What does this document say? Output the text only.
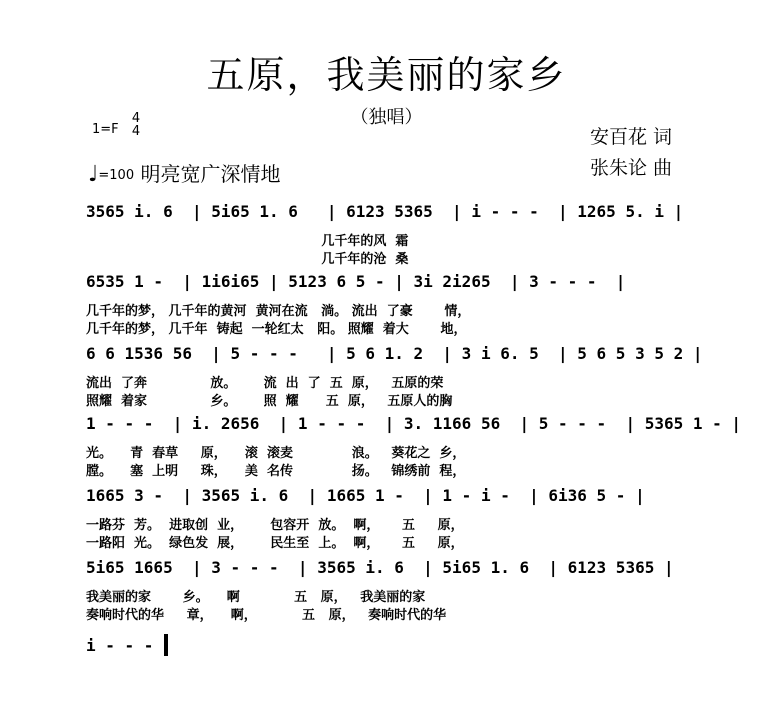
五原，我美丽的家乡
（独唱）
1=F
4
4	安百花 词
张朱论 曲
♩=100 明亮宽广深情地
3565 i. 6  | 5i65 1. 6   | 6123 5365  | i - - -  | 1265 5. i |
几千年的风  霜
几千年的沧  桑
6535 1 -  | 1i6i65 | 5123 6 5 - | 3i 2i265  | 3 - - -  |
几千年的梦， 几千年的黄河  黄河在流   淌。 流出  了豪       情，
几千年的梦， 几千年  铸起  一轮红太   阳。 照耀  着大       地，
6 6 1536 56  | 5 - - -   | 5 6 1. 2  | 3 i 6. 5  | 5 6 5 3 5 2 |
流出  了奔              放。      流  出  了  五  原，   五原的荣
照耀  着家              乡。      照  耀      五  原，   五原人的胸
1 - - -  | i. 2656  | 1 - - -  | 3. 1166 56  | 5 - - -  | 5365 1 - |
光。    青  春草     原，    滚  滚麦             浪。   葵花之  乡，
膛。    塞  上明     珠，    美  名传             扬。   锦绣前  程，
1665 3 -  | 3565 i. 6  | 1665 1 -  | 1 - i -  | 6i36 5 - |
一路芬  芳。  进取创  业，      包容开  放。  啊，     五     原，
一路阳  光。  绿色发  展，      民生至  上。  啊，     五     原，
5i65 1665  | 3 - - -  | 3565 i. 6  | 5i65 1. 6  | 6123 5365 |
我美丽的家       乡。    啊            五   原，   我美丽的家
奏响时代的华     章，    啊，          五   原，   奏响时代的华
i - - -
